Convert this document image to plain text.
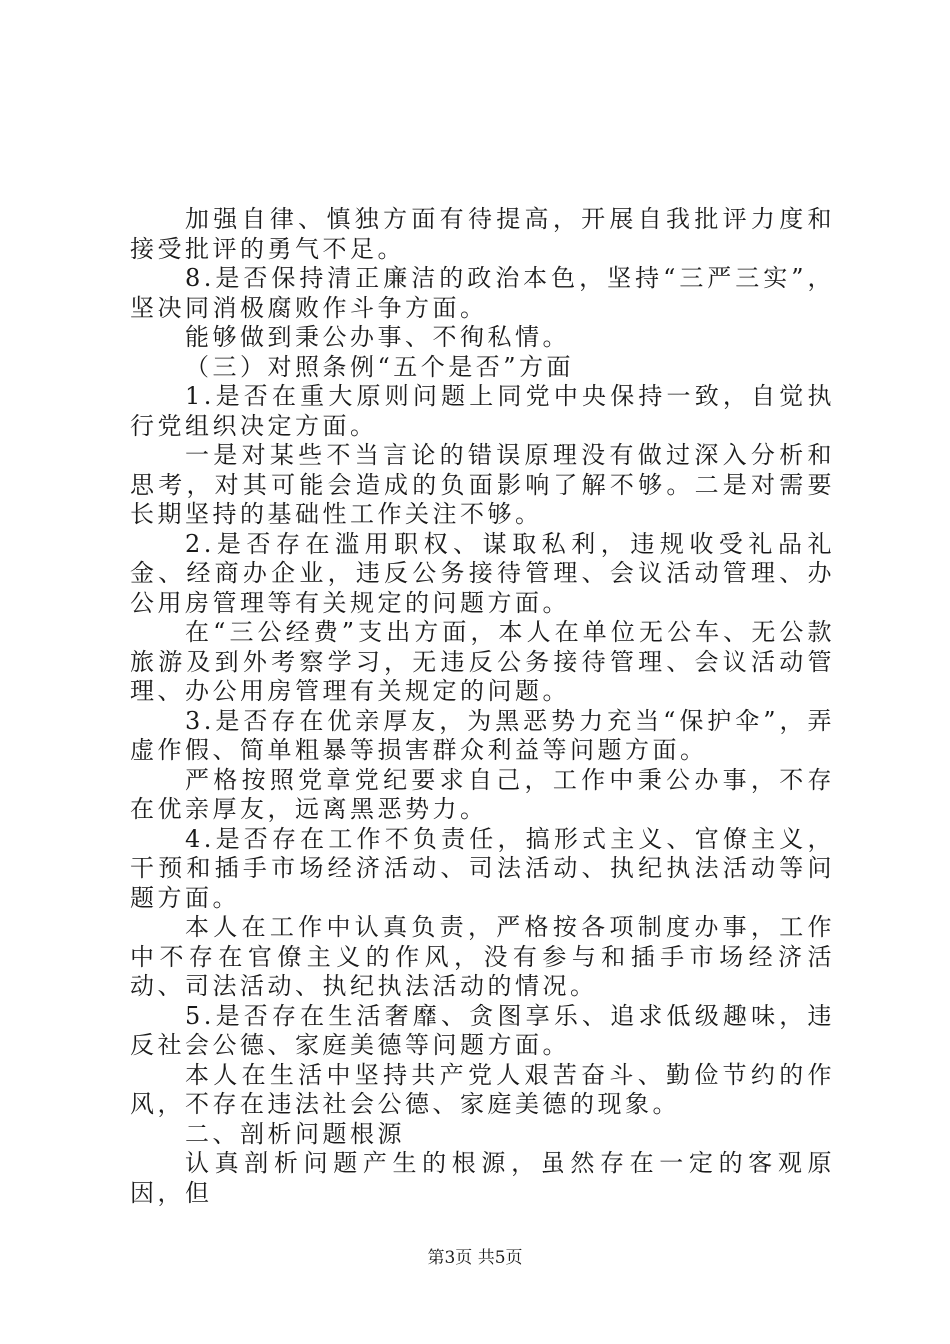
加强自律、慎独方面有待提高，开展自我批评力度和接受批评的勇气不足。

8.是否保持清正廉洁的政治本色，坚持“三严三实”，坚决同消极腐败作斗争方面。

能够做到秉公办事、不徇私情。

（三）对照条例“五个是否”方面

1.是否在重大原则问题上同党中央保持一致，自觉执行党组织决定方面。

一是对某些不当言论的错误原理没有做过深入分析和思考，对其可能会造成的负面影响了解不够。二是对需要长期坚持的基础性工作关注不够。

2.是否存在滥用职权、谋取私利，违规收受礼品礼金、经商办企业，违反公务接待管理、会议活动管理、办公用房管理等有关规定的问题方面。

在“三公经费”支出方面，本人在单位无公车、无公款旅游及到外考察学习，无违反公务接待管理、会议活动管理、办公用房管理有关规定的问题。

3.是否存在优亲厚友，为黑恶势力充当“保护伞”，弄虚作假、简单粗暴等损害群众利益等问题方面。

严格按照党章党纪要求自己，工作中秉公办事，不存在优亲厚友，远离黑恶势力。

4.是否存在工作不负责任，搞形式主义、官僚主义，干预和插手市场经济活动、司法活动、执纪执法活动等问题方面。

本人在工作中认真负责，严格按各项制度办事，工作中不存在官僚主义的作风，没有参与和插手市场经济活动、司法活动、执纪执法活动的情况。

5.是否存在生活奢靡、贪图享乐、追求低级趣味，违反社会公德、家庭美德等问题方面。

本人在生活中坚持共产党人艰苦奋斗、勤俭节约的作风，不存在违法社会公德、家庭美德的现象。

二、剖析问题根源

认真剖析问题产生的根源，虽然存在一定的客观原因，但

第3页 共5页
